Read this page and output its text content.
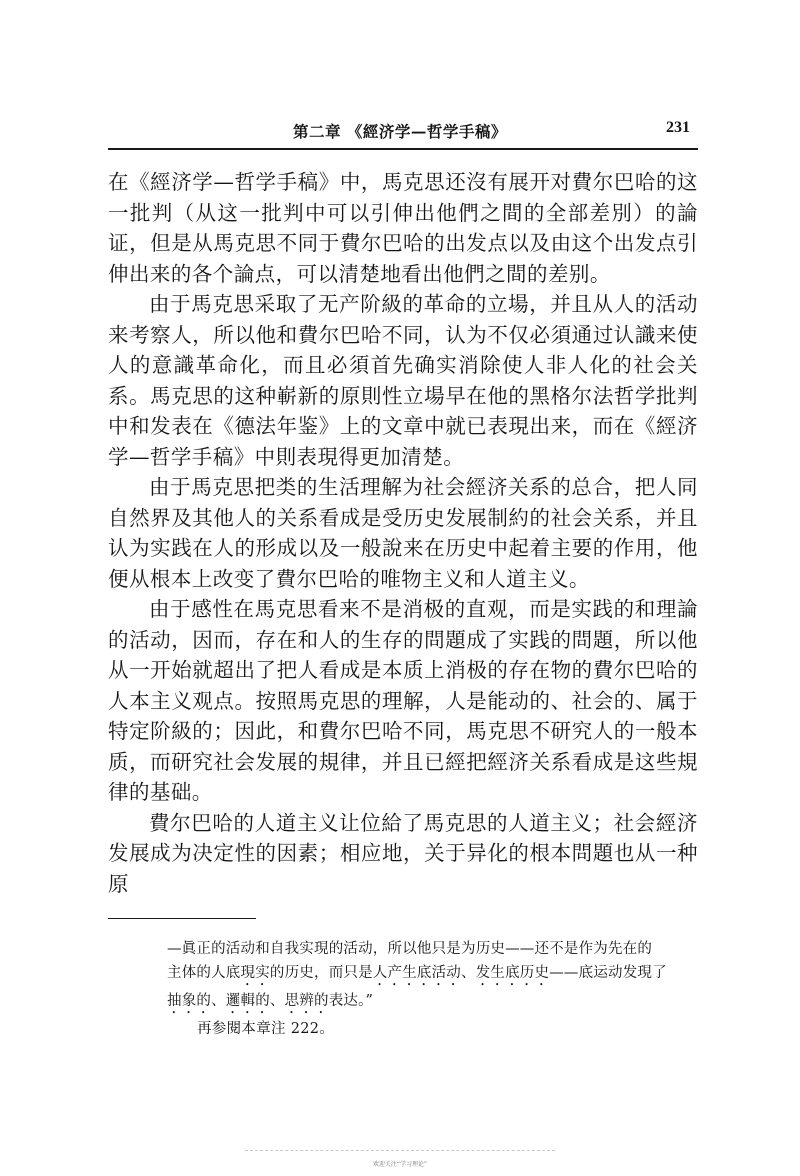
第二章 《經济学—哲学手稿》	231

在《經济学—哲学手稿》中，馬克思还沒有展开对費尔巴哈的这一批判（从这一批判中可以引伸出他們之間的全部差別）的論证，但是从馬克思不同于費尔巴哈的出发点以及由这个出发点引伸出来的各个論点，可以清楚地看出他們之間的差别。

由于馬克思采取了无产阶級的革命的立場，并且从人的活动来考察人，所以他和費尔巴哈不同，认为不仅必須通过认識来使人的意識革命化，而且必須首先确实消除使人非人化的社会关系。馬克思的这种嶄新的原則性立場早在他的黑格尔法哲学批判中和发表在《德法年鉴》上的文章中就已表現出来，而在《經济学—哲学手稿》中則表現得更加清楚。

由于馬克思把类的生活理解为社会經济关系的总合，把人同自然界及其他人的关系看成是受历史发展制約的社会关系，并且认为实践在人的形成以及一般說来在历史中起着主要的作用，他便从根本上改变了費尔巴哈的唯物主义和人道主义。

由于感性在馬克思看来不是消极的直观，而是实践的和理論的活动，因而，存在和人的生存的問題成了实践的問題，所以他从一开始就超出了把人看成是本质上消极的存在物的費尔巴哈的人本主义观点。按照馬克思的理解，人是能动的、社会的、属于特定阶級的；因此，和費尔巴哈不同，馬克思不研究人的一般本质，而研究社会发展的規律，并且已經把經济关系看成是这些規律的基础。

費尔巴哈的人道主义让位給了馬克思的人道主义；社会經济发展成为决定性的因素；相应地，关于异化的根本問題也从一种原

—眞正的活动和自我实現的活动，所以他只是为历史——还不是作为先在的
主体的人底現实的历史，而只是人产生底活动、发生底历史——底运动发現了
抽象的、邏輯的、思辨的表达。”
再参閱本章注 222。
欢迎关注“学习理论”
